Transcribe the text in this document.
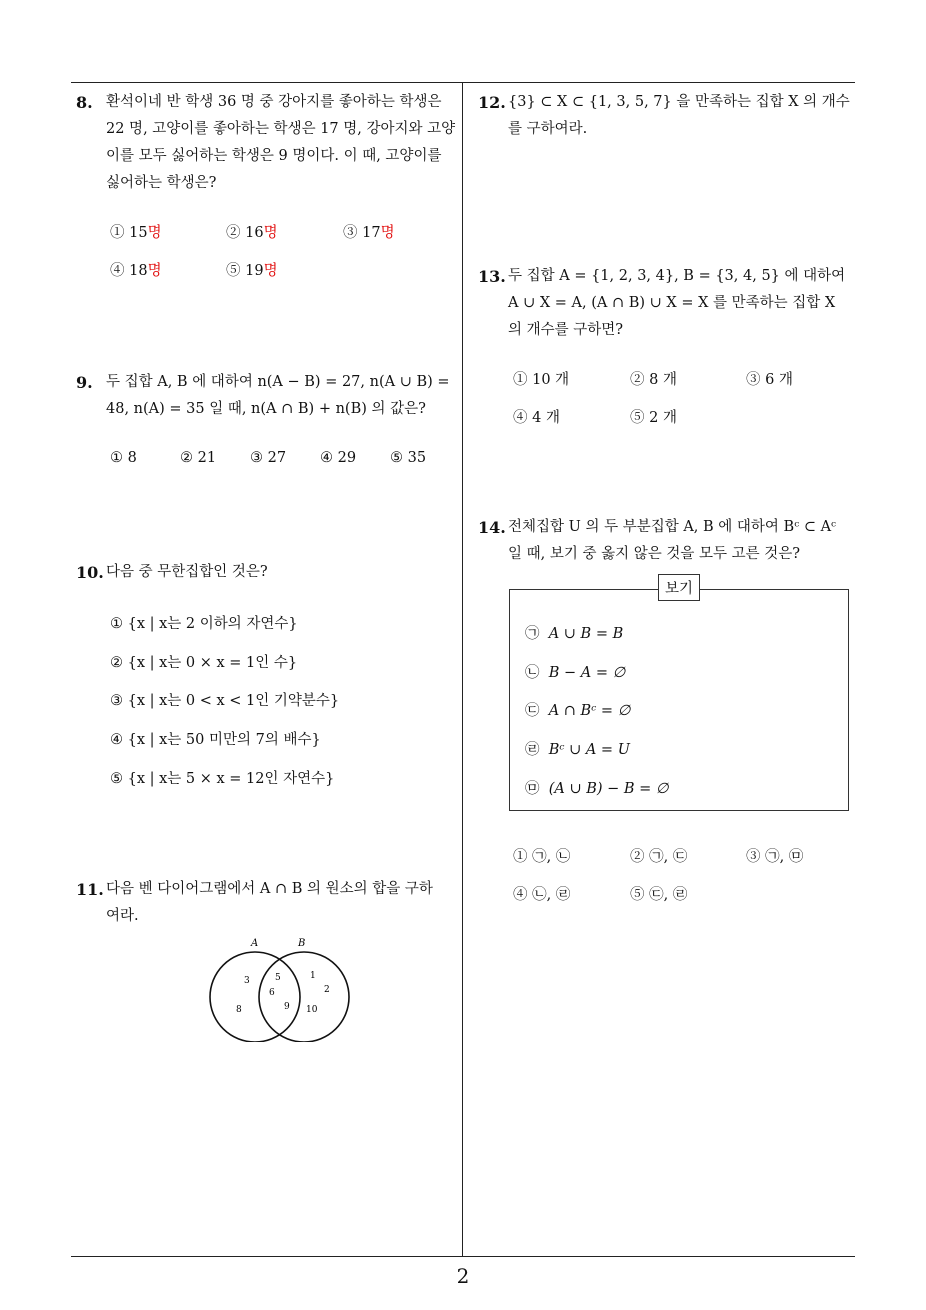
2
8. 환석이네 반 학생 36 명 중 강아지를 좋아하는 학생은
22 명, 고양이를 좋아하는 학생은 17 명, 강아지와 고양
이를 모두 싫어하는 학생은 9 명이다. 이 때, 고양이를
싫어하는 학생은?
① 15명	② 16명	③ 17명
④ 18명	⑤ 19명
9. 두 집합 A, B 에 대하여 n(A − B) = 27, n(A ∪ B) =
48, n(A) = 35 일 때, n(A ∩ B) + n(B) 의 값은?
① 8	② 21 ③ 27 ④ 29 ⑤ 35
10. 다음 중 무한집합인 것은?
① {x | x는 2 이하의 자연수}
② {x | x는 0 × x = 1인 수}
③ {x | x는 0 < x < 1인 기약분수}
④ {x | x는 50 미만의 7의 배수}
⑤ {x | x는 5 × x = 12인 자연수}
11. 다음 벤 다이어그램에서 A ∩ B 의 원소의 합을 구하
여라.
A	B
3
8
5
6
9
1
2
10
12. {3} ⊂ X ⊂ {1, 3, 5, 7} 을 만족하는 집합 X 의 개수
를 구하여라.
13. 두 집합 A = {1, 2, 3, 4}, B = {3, 4, 5} 에 대하여
A ∪ X = A, (A ∩ B) ∪ X = X 를 만족하는 집합 X
의 개수를 구하면?
① 10 개	② 8 개	③ 6 개
④ 4 개	⑤ 2 개
14. 전체집합 U 의 두 부분집합 A, B 에 대하여 Bᶜ ⊂ Aᶜ
일 때, 보기 중 옳지 않은 것을 모두 고른 것은?
보기
㉠ A ∪ B = B
㉡ B − A = ∅
㉢ A ∩ Bᶜ = ∅
㉣ Bᶜ ∪ A = U
㉤ (A ∪ B) − B = ∅
① ㉠, ㉡	② ㉠, ㉢	③ ㉠, ㉤
④ ㉡, ㉣	⑤ ㉢, ㉣
